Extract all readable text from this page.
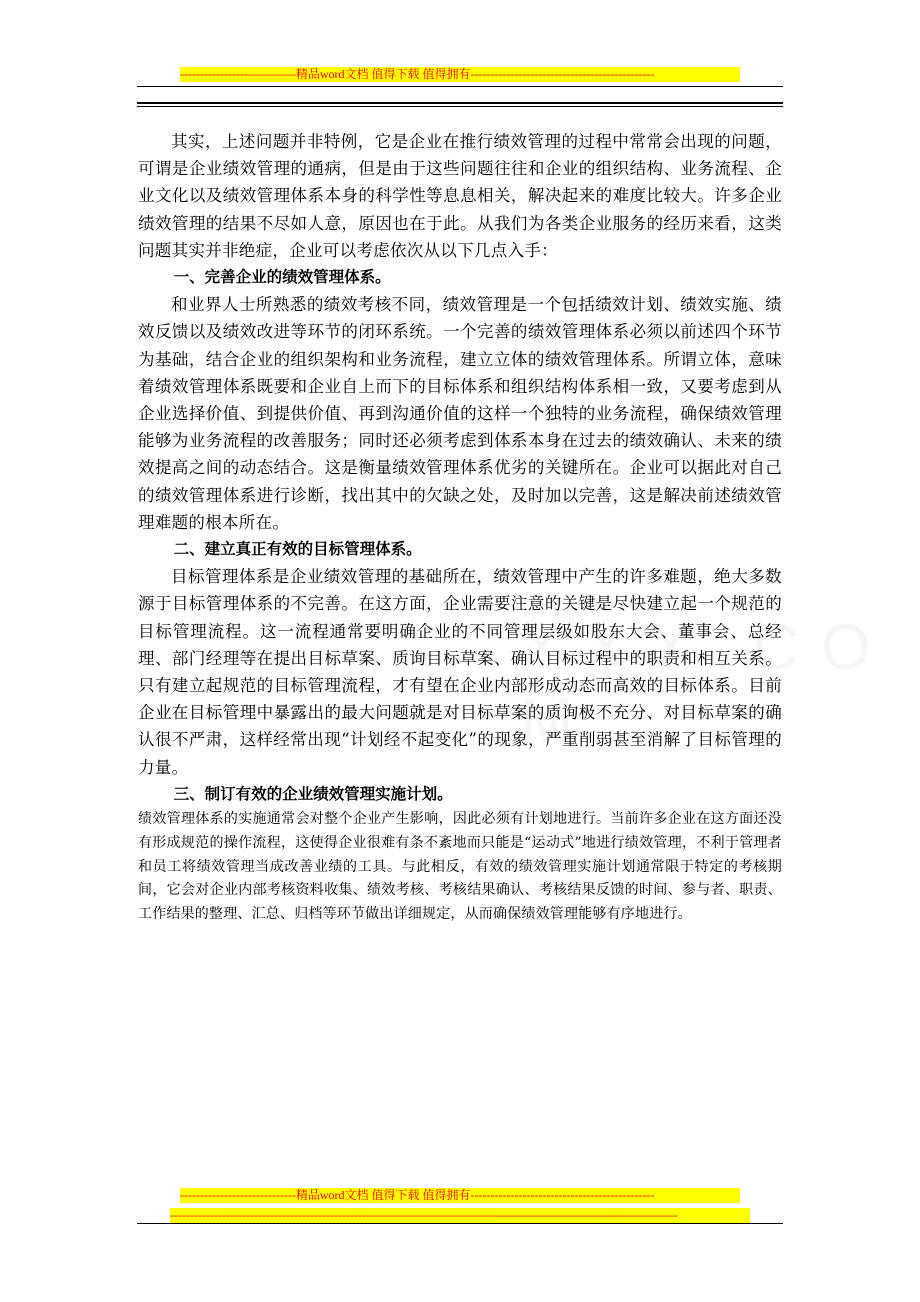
-----------------------------精品word文档 值得下载 值得拥有----------------------------------------------

其实，上述问题并非特例，它是企业在推行绩效管理的过程中常常会出现的问题，可谓是企业绩效管理的通病，但是由于这些问题往往和企业的组织结构、业务流程、企业文化以及绩效管理体系本身的科学性等息息相关，解决起来的难度比较大。许多企业绩效管理的结果不尽如人意，原因也在于此。从我们为各类企业服务的经历来看，这类问题其实并非绝症，企业可以考虑依次从以下几点入手：

一、完善企业的绩效管理体系。

和业界人士所熟悉的绩效考核不同，绩效管理是一个包括绩效计划、绩效实施、绩效反馈以及绩效改进等环节的闭环系统。一个完善的绩效管理体系必须以前述四个环节为基础，结合企业的组织架构和业务流程，建立立体的绩效管理体系。所谓立体，意味着绩效管理体系既要和企业自上而下的目标体系和组织结构体系相一致，又要考虑到从企业选择价值、到提供价值、再到沟通价值的这样一个独特的业务流程，确保绩效管理能够为业务流程的改善服务；同时还必须考虑到体系本身在过去的绩效确认、未来的绩效提高之间的动态结合。这是衡量绩效管理体系优劣的关键所在。企业可以据此对自己的绩效管理体系进行诊断，找出其中的欠缺之处，及时加以完善，这是解决前述绩效管理难题的根本所在。

二、建立真正有效的目标管理体系。

目标管理体系是企业绩效管理的基础所在，绩效管理中产生的许多难题，绝大多数源于目标管理体系的不完善。在这方面，企业需要注意的关键是尽快建立起一个规范的目标管理流程。这一流程通常要明确企业的不同管理层级如股东大会、董事会、总经理、部门经理等在提出目标草案、质询目标草案、确认目标过程中的职责和相互关系。只有建立起规范的目标管理流程，才有望在企业内部形成动态而高效的目标体系。目前企业在目标管理中暴露出的最大问题就是对目标草案的质询极不充分、对目标草案的确认很不严肃，这样经常出现“计划经不起变化”的现象，严重削弱甚至消解了目标管理的力量。

三、制订有效的企业绩效管理实施计划。

绩效管理体系的实施通常会对整个企业产生影响，因此必须有计划地进行。当前许多企业在这方面还没有形成规范的操作流程，这使得企业很难有条不紊地而只能是“运动式”地进行绩效管理，不利于管理者和员工将绩效管理当成改善业绩的工具。与此相反，有效的绩效管理实施计划通常限于特定的考核期间，它会对企业内部考核资料收集、绩效考核、考核结果确认、考核结果反馈的时间、参与者、职责、工作结果的整理、汇总、归档等环节做出详细规定，从而确保绩效管理能够有序地进行。

-----------------------------精品word文档 值得下载 值得拥有----------------------------------------------
-------------------------------------------------------------------------------------------------------------------------------
